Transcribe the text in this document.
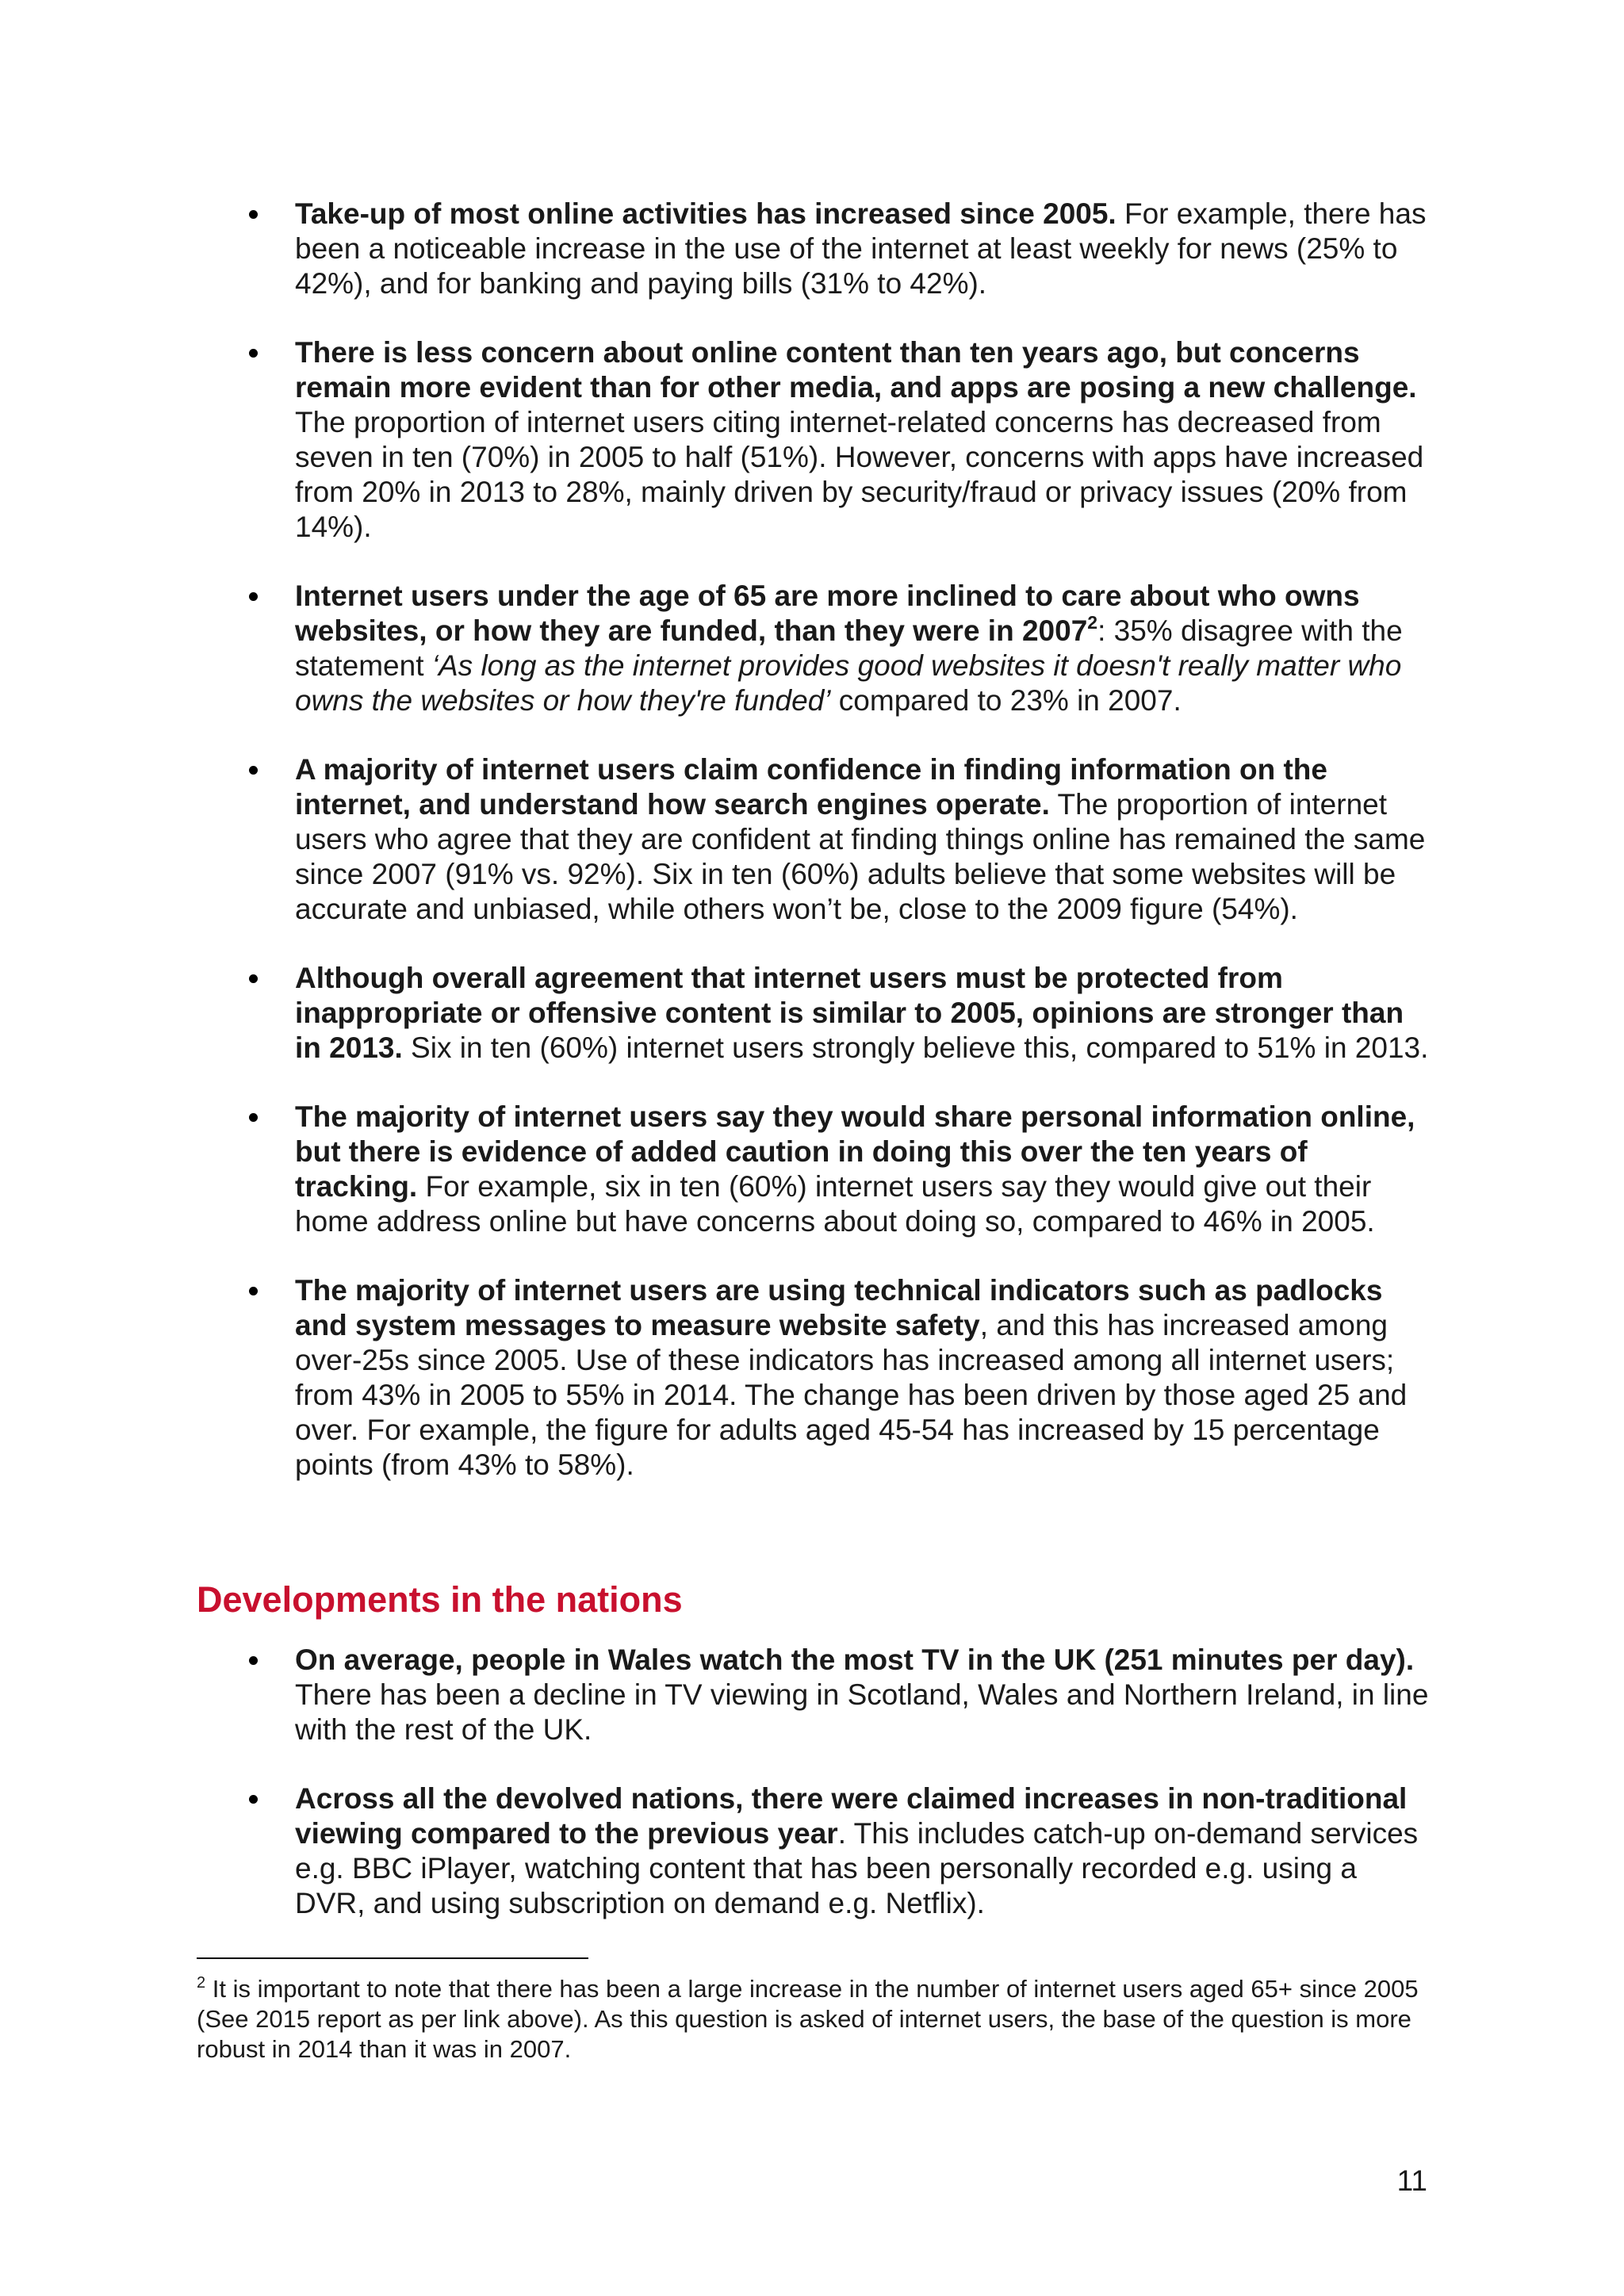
Take-up of most online activities has increased since 2005. For example, there has been a noticeable increase in the use of the internet at least weekly for news (25% to 42%), and for banking and paying bills (31% to 42%).
There is less concern about online content than ten years ago, but concerns remain more evident than for other media, and apps are posing a new challenge. The proportion of internet users citing internet-related concerns has decreased from seven in ten (70%) in 2005 to half (51%). However, concerns with apps have increased from 20% in 2013 to 28%, mainly driven by security/fraud or privacy issues (20% from 14%).
Internet users under the age of 65 are more inclined to care about who owns websites, or how they are funded, than they were in 2007$^2$: 35% disagree with the statement ‘As long as the internet provides good websites it doesn't really matter who owns the websites or how they're funded’ compared to 23% in 2007.
A majority of internet users claim confidence in finding information on the internet, and understand how search engines operate. The proportion of internet users who agree that they are confident at finding things online has remained the same since 2007 (91% vs. 92%). Six in ten (60%) adults believe that some websites will be accurate and unbiased, while others won’t be, close to the 2009 figure (54%).
Although overall agreement that internet users must be protected from inappropriate or offensive content is similar to 2005, opinions are stronger than in 2013. Six in ten (60%) internet users strongly believe this, compared to 51% in 2013.
The majority of internet users say they would share personal information online, but there is evidence of added caution in doing this over the ten years of tracking. For example, six in ten (60%) internet users say they would give out their home address online but have concerns about doing so, compared to 46% in 2005.
The majority of internet users are using technical indicators such as padlocks and system messages to measure website safety, and this has increased among over-25s since 2005. Use of these indicators has increased among all internet users; from 43% in 2005 to 55% in 2014. The change has been driven by those aged 25 and over. For example, the figure for adults aged 45-54 has increased by 15 percentage points (from 43% to 58%).
Developments in the nations
On average, people in Wales watch the most TV in the UK (251 minutes per day). There has been a decline in TV viewing in Scotland, Wales and Northern Ireland, in line with the rest of the UK.
Across all the devolved nations, there were claimed increases in non-traditional viewing compared to the previous year. This includes catch-up on-demand services e.g. BBC iPlayer, watching content that has been personally recorded e.g. using a DVR, and using subscription on demand e.g. Netflix).

$^2$ It is important to note that there has been a large increase in the number of internet users aged 65+ since 2005 (See 2015 report as per link above). As this question is asked of internet users, the base of the question is more robust in 2014 than it was in 2007.

11
